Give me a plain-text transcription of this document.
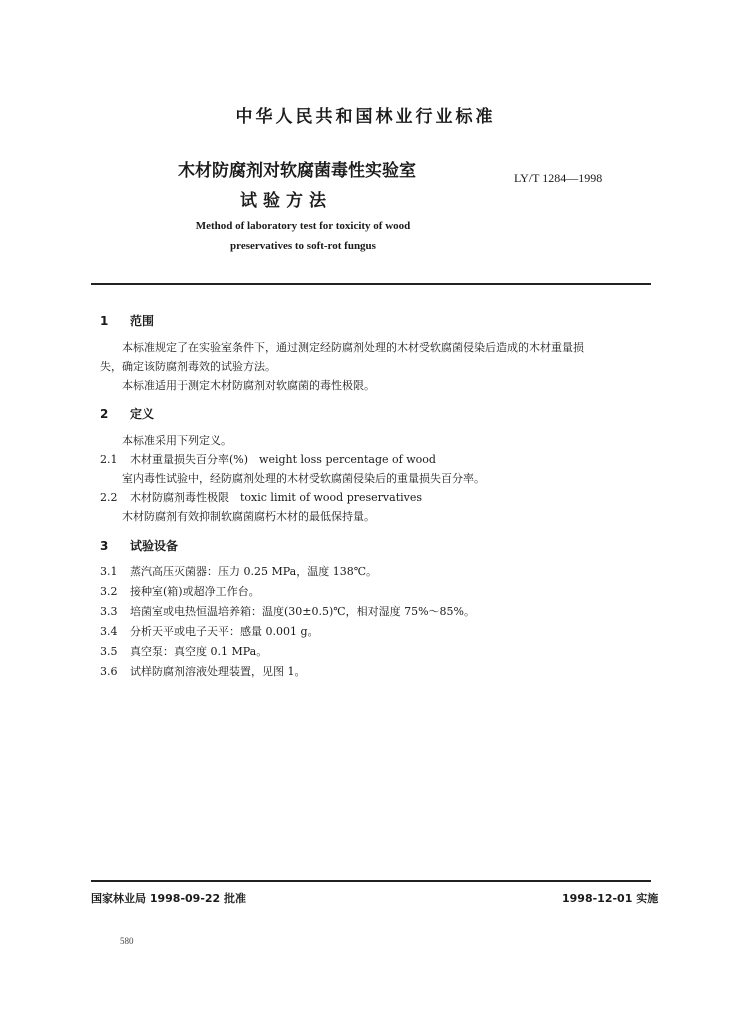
中华人民共和国林业行业标准
木材防腐剂对软腐菌毒性实验室
试验方法
LY/T 1284—1998
Method of laboratory test for toxicity of wood
preservatives to soft-rot fungus
1 范围
本标准规定了在实验室条件下，通过测定经防腐剂处理的木材受软腐菌侵染后造成的木材重量损
失，确定该防腐剂毒效的试验方法。
本标准适用于测定木材防腐剂对软腐菌的毒性极限。
2 定义
本标准采用下列定义。
2.1 木材重量损失百分率(%)　weight loss percentage of wood
室内毒性试验中，经防腐剂处理的木材受软腐菌侵染后的重量损失百分率。
2.2 木材防腐剂毒性极限　toxic limit of wood preservatives
木材防腐剂有效抑制软腐菌腐朽木材的最低保持量。
3 试验设备
3.1 蒸汽高压灭菌器：压力 0.25 MPa，温度 138℃。
3.2 接种室(箱)或超净工作台。
3.3 培菌室或电热恒温培养箱：温度(30±0.5)℃，相对湿度 75%～85%。
3.4 分析天平或电子天平：感量 0.001 g。
3.5 真空泵：真空度 0.1 MPa。
3.6 试样防腐剂溶液处理装置，见图 1。
国家林业局 1998-09-22 批准	1998-12-01 实施
580
